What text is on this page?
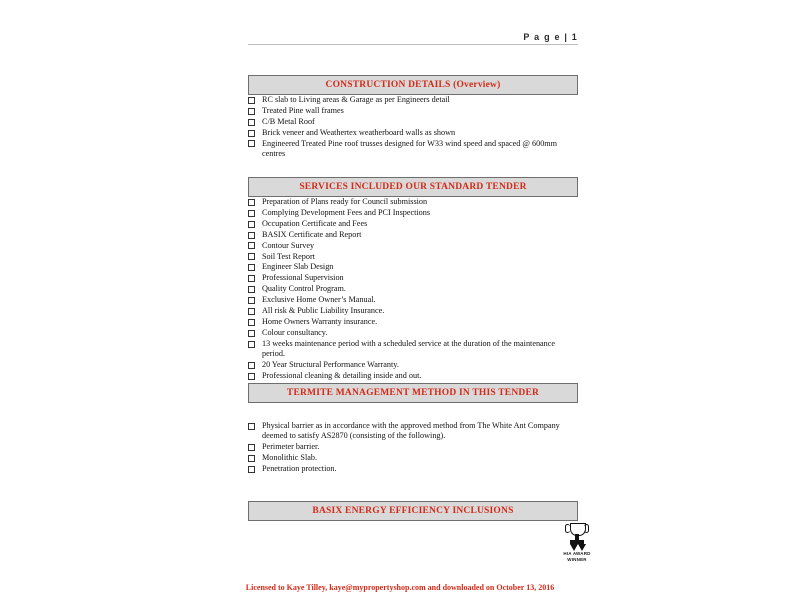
P a g e | 1
CONSTRUCTION DETAILS (Overview)
RC slab to Living areas & Garage as per Engineers detail
Treated Pine wall frames
C/B Metal Roof
Brick veneer and Weathertex weatherboard walls as shown
Engineered Treated Pine roof trusses designed for W33 wind speed and spaced @ 600mm centres
SERVICES INCLUDED OUR STANDARD TENDER
Preparation of Plans ready for Council submission
Complying Development Fees and PCI Inspections
Occupation Certificate and Fees
BASIX Certificate and Report
Contour Survey
Soil Test Report
Engineer Slab Design
Professional Supervision
Quality Control Program.
Exclusive Home Owner’s Manual.
All risk & Public Liability Insurance.
Home Owners Warranty insurance.
Colour consultancy.
13 weeks maintenance period with a scheduled service at the duration of the maintenance period.
20 Year Structural Performance Warranty.
Professional cleaning & detailing inside and out.
TERMITE MANAGEMENT METHOD IN THIS TENDER
Physical barrier as in accordance with the approved method from The White Ant Company deemed to satisfy AS2870 (consisting of the following).
Perimeter barrier.
Monolithic Slab.
Penetration protection.
BASIX ENERGY EFFICIENCY INCLUSIONS
HIA AWARD
WINNER
Licensed to Kaye Tilley, kaye@mypropertyshop.com and downloaded on October 13, 2016
